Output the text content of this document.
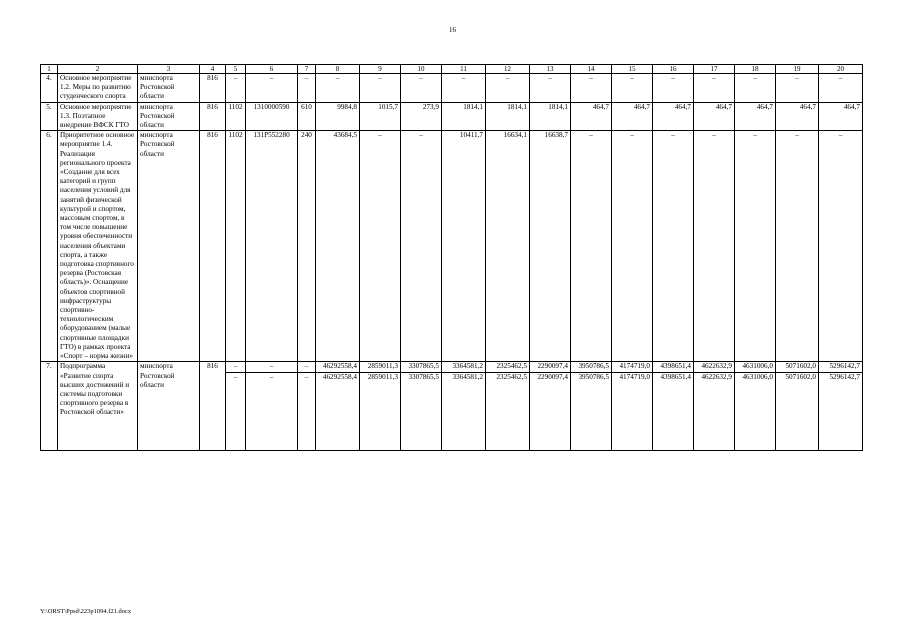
16
1	2	3	4	5	6	7	8	9	10	11	12	13	14	15	16	17	18	19	20
4.	Основное мероприятие 1.2. Меры по развитию студенческого спорта	минспорта Ростовской области	816	–	–	–	–	–	–	–	–	–	–	–	–	–	–	–	–
5.	Основное мероприятие 1.3. Поэтапное внедрение ВФСК ГТО	минспорта Ростовской области	816	1102	1310000590	610	9984,8	1015,7	273,9	1814,1	1814,1	1814,1	464,7	464,7	464,7	464,7	464,7	464,7	464,7
6.	Приоритетное основное мероприятие 1.4. Реализация регионального проекта «Создание для всех категорий и групп населения условий для занятий физической культурой и спортом, массовым спортом, в том числе повышение уровня обеспеченности населения объектами спорта, а также подготовка спортивного резерва (Ростовская область)». Оснащение объектов спортивной инфраструктуры спортивно-технологическим оборудованием (малые спортивные площадки ГТО) в рамках проекта «Спорт – норма жизни»	минспорта Ростовской области	816	1102	131P552280	240	43684,5	–	–	10411,7	16634,1	16638,7	–	–	–	–	–	–	–
7.	Подпрограмма «Развитие спорта высших достижений и системы подготовки спортивного резерва в Ростовской области»	минспорта Ростовской области	816	–	–	–	46292558,4	2859011,3	3307865,5	3364581,2	2325462,5	2290097,4	3950786,5	4174719,0	4398651,4	4622632,9	4631006,0	5071602,0	5296142,7
				–	–	–	46292558,4	2859011,3	3307865,5	3364581,2	2325462,5	2290097,4	3950786,5	4174719,0	4398651,4	4622632,9	4631006,0	5071602,0	5296142,7
Y:\ORST\Ppsd\223p1094.f21.docx
